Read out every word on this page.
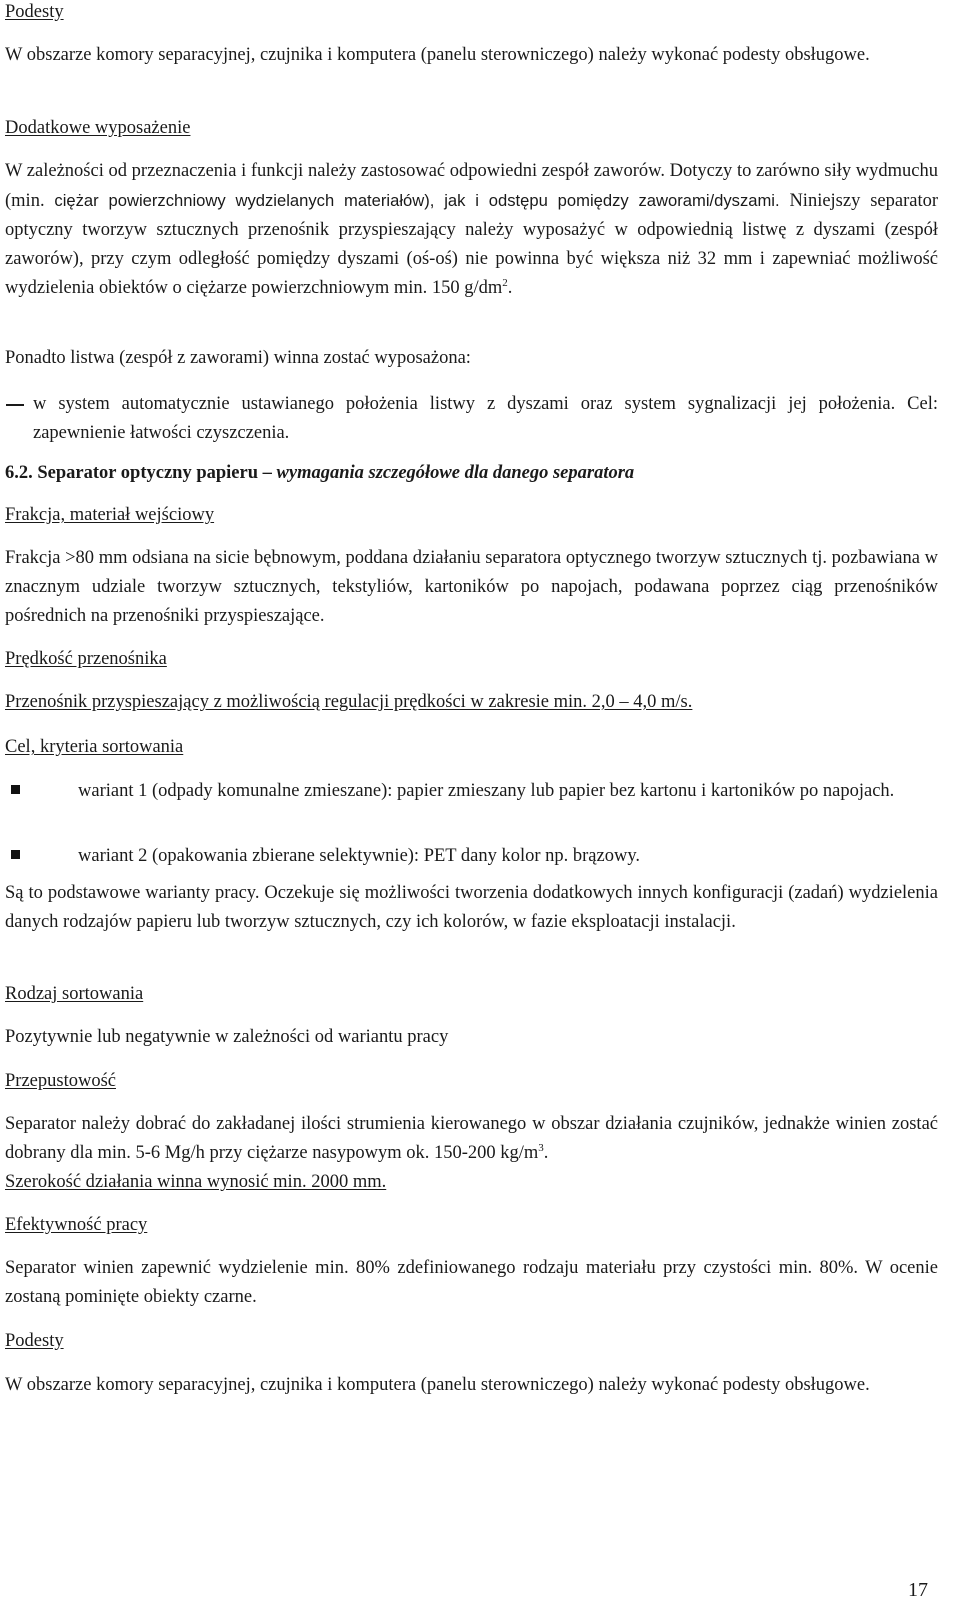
Podesty

W obszarze komory separacyjnej, czujnika i komputera (panelu sterowniczego) należy wykonać podesty obsługowe.

Dodatkowe wyposażenie

W zależności od przeznaczenia i funkcji należy zastosować odpowiedni zespół zaworów. Dotyczy to zarówno siły wydmuchu (min. ciężar powierzchniowy wydzielanych materiałów), jak i odstępu pomiędzy zaworami/dyszami. Niniejszy separator optyczny tworzyw sztucznych przenośnik przyspieszający należy wyposażyć w odpowiednią listwę z dyszami (zespół zaworów), przy czym odległość pomiędzy dyszami (oś-oś) nie powinna być większa niż 32 mm i zapewniać możliwość wydzielenia obiektów o ciężarze powierzchniowym min. 150 $g/dm^2$.

Ponadto listwa (zespół z zaworami) winna zostać wyposażona:

w system automatycznie ustawianego położenia listwy z dyszami oraz system sygnalizacji jej położenia. Cel: zapewnienie łatwości czyszczenia.
6.2. Separator optyczny papieru – wymagania szczegółowe dla danego separatora
Frakcja, materiał wejściowy

Frakcja >80 mm odsiana na sicie bębnowym, poddana działaniu separatora optycznego tworzyw sztucznych tj. pozbawiana w znacznym udziale tworzyw sztucznych, tekstyliów, kartoników po napojach, podawana poprzez ciąg przenośników pośrednich na przenośniki przyspieszające.

Prędkość przenośnika

Przenośnik przyspieszający z możliwością regulacji prędkości w zakresie min. 2,0 – 4,0 m/s.

Cel, kryteria sortowania
wariant 1 (odpady komunalne zmieszane): papier zmieszany lub papier bez kartonu i kartoników po napojach.
wariant 2 (opakowania zbierane selektywnie): PET dany kolor np. brązowy.

Są to podstawowe warianty pracy. Oczekuje się możliwości tworzenia dodatkowych innych konfiguracji (zadań) wydzielenia danych rodzajów papieru lub tworzyw sztucznych, czy ich kolorów, w fazie eksploatacji instalacji.

Rodzaj sortowania

Pozytywnie lub negatywnie w zależności od wariantu pracy

Przepustowość

Separator należy dobrać do zakładanej ilości strumienia kierowanego w obszar działania czujników, jednakże winien zostać dobrany dla min. 5-6 Mg/h przy ciężarze nasypowym ok. 150-200 $kg/m^3$.

Szerokość działania winna wynosić min. 2000 mm.

Efektywność pracy

Separator winien zapewnić wydzielenie min. 80% zdefiniowanego rodzaju materiału przy czystości min. 80%. W ocenie zostaną pominięte obiekty czarne.

Podesty

W obszarze komory separacyjnej, czujnika i komputera (panelu sterowniczego) należy wykonać podesty obsługowe.

17
